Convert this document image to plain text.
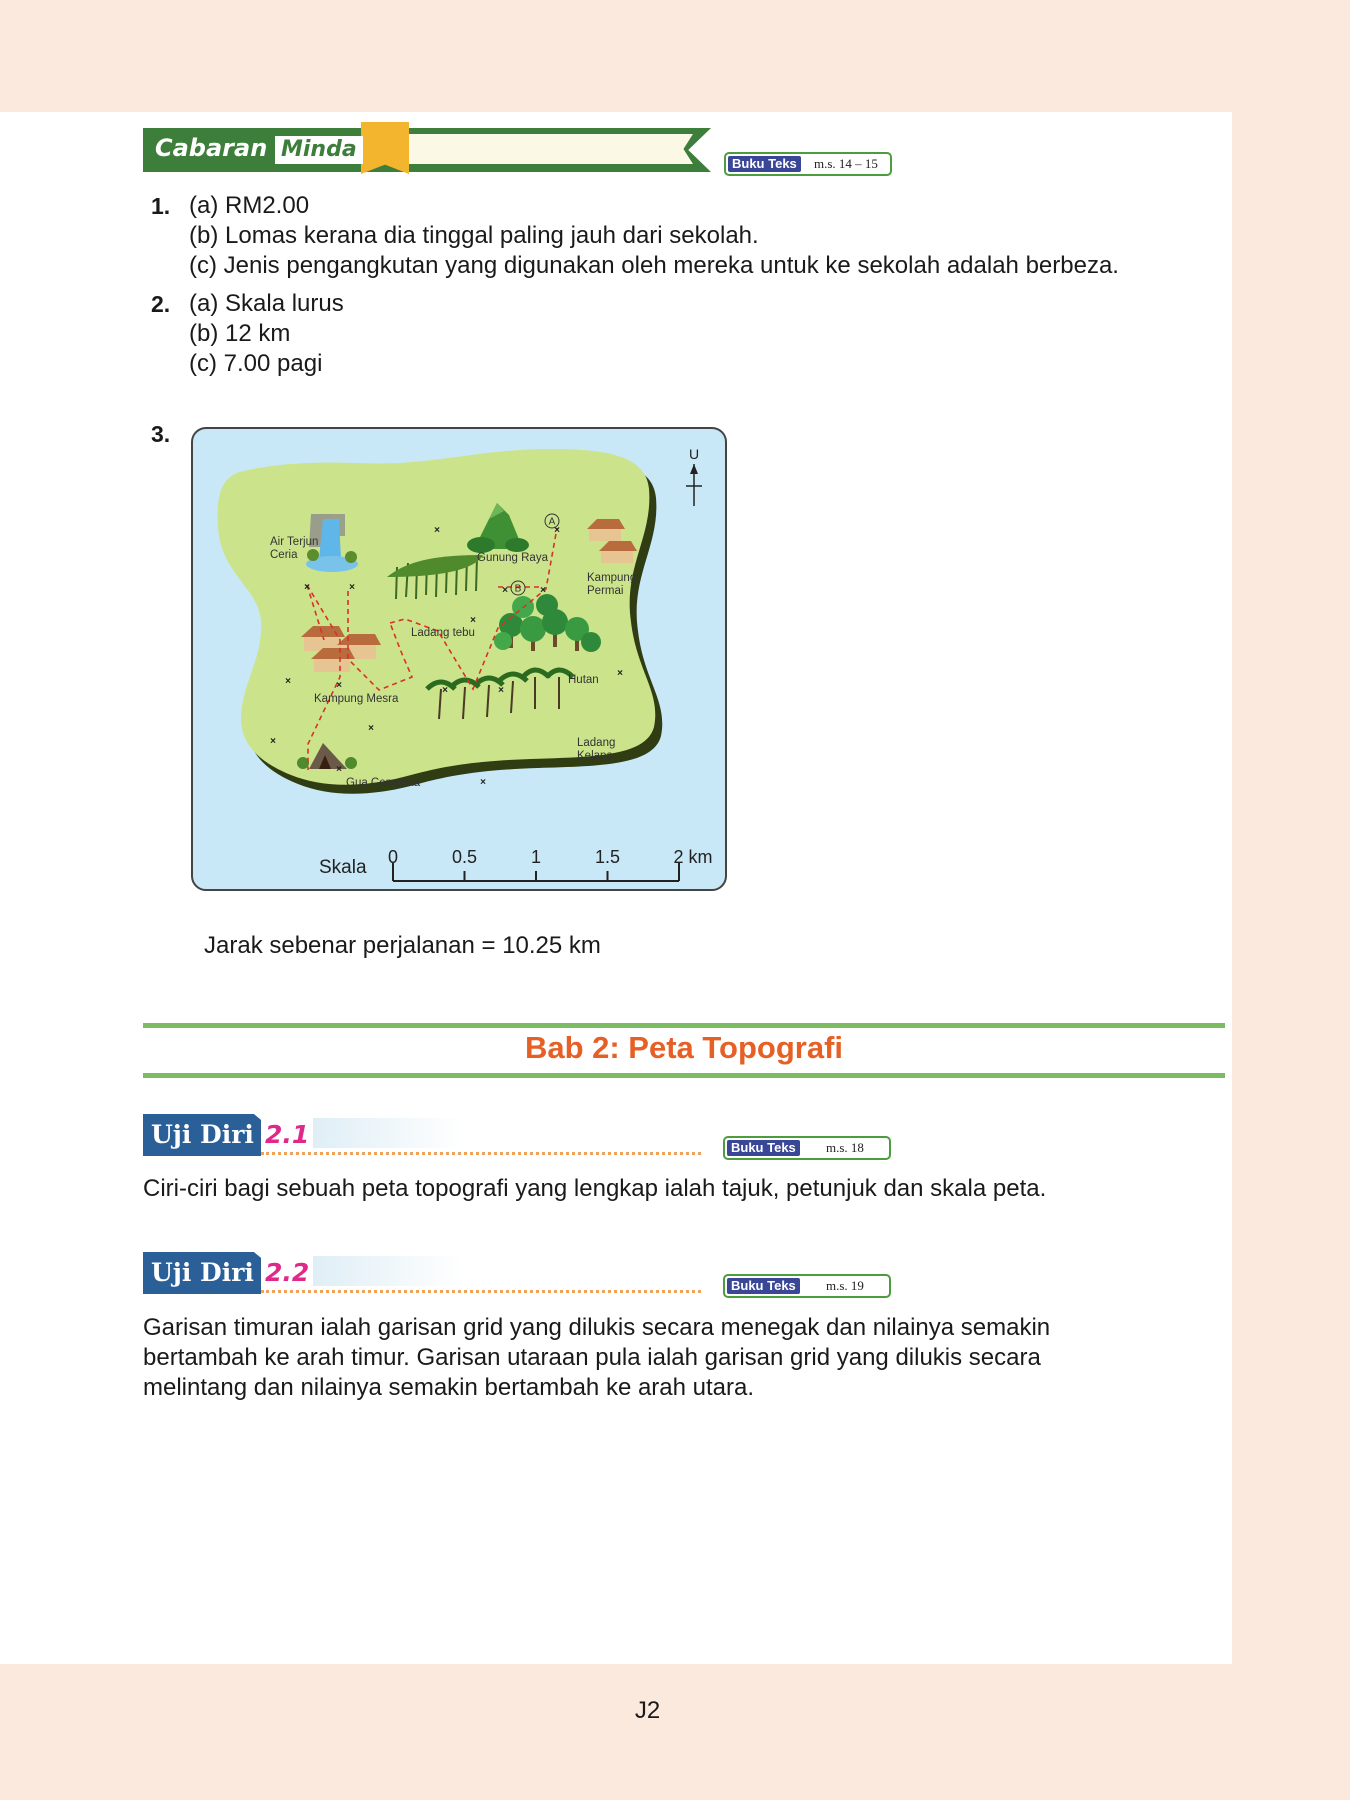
Cabaran Minda
Buku Teks	m.s. 14 – 15
1. (a) RM2.00
(b) Lomas kerana dia tinggal paling jauh dari sekolah.
(c) Jenis pengangkutan yang digunakan oleh mereka untuk ke sekolah adalah berbeza.
2. (a) Skala lurus
(b) 12 km
(c) 7.00 pagi
3.
×	×
×
×
×
×	×
×	×
×
×
×
×
×
×
×
A
B
Air Terjun
Ceria	Gunung Raya
Kampung
Permai
Ladang tebu
Kampung Mesra
Hutan
Ladang
Kelapa
Gua Cempaka
U
Skala 0	0.5	1	1.5	2 km
Jarak sebenar perjalanan = 10.25 km
Bab 2: Peta Topografi
Uji Diri 2.1	Buku Teks	m.s. 18
Ciri-ciri bagi sebuah peta topografi yang lengkap ialah tajuk, petunjuk dan skala peta.
Uji Diri 2.2	Buku Teks	m.s. 19
Garisan timuran ialah garisan grid yang dilukis secara menegak dan nilainya semakin bertambah ke arah timur. Garisan utaraan pula ialah garisan grid yang dilukis secara melintang dan nilainya semakin bertambah ke arah utara.
J2
